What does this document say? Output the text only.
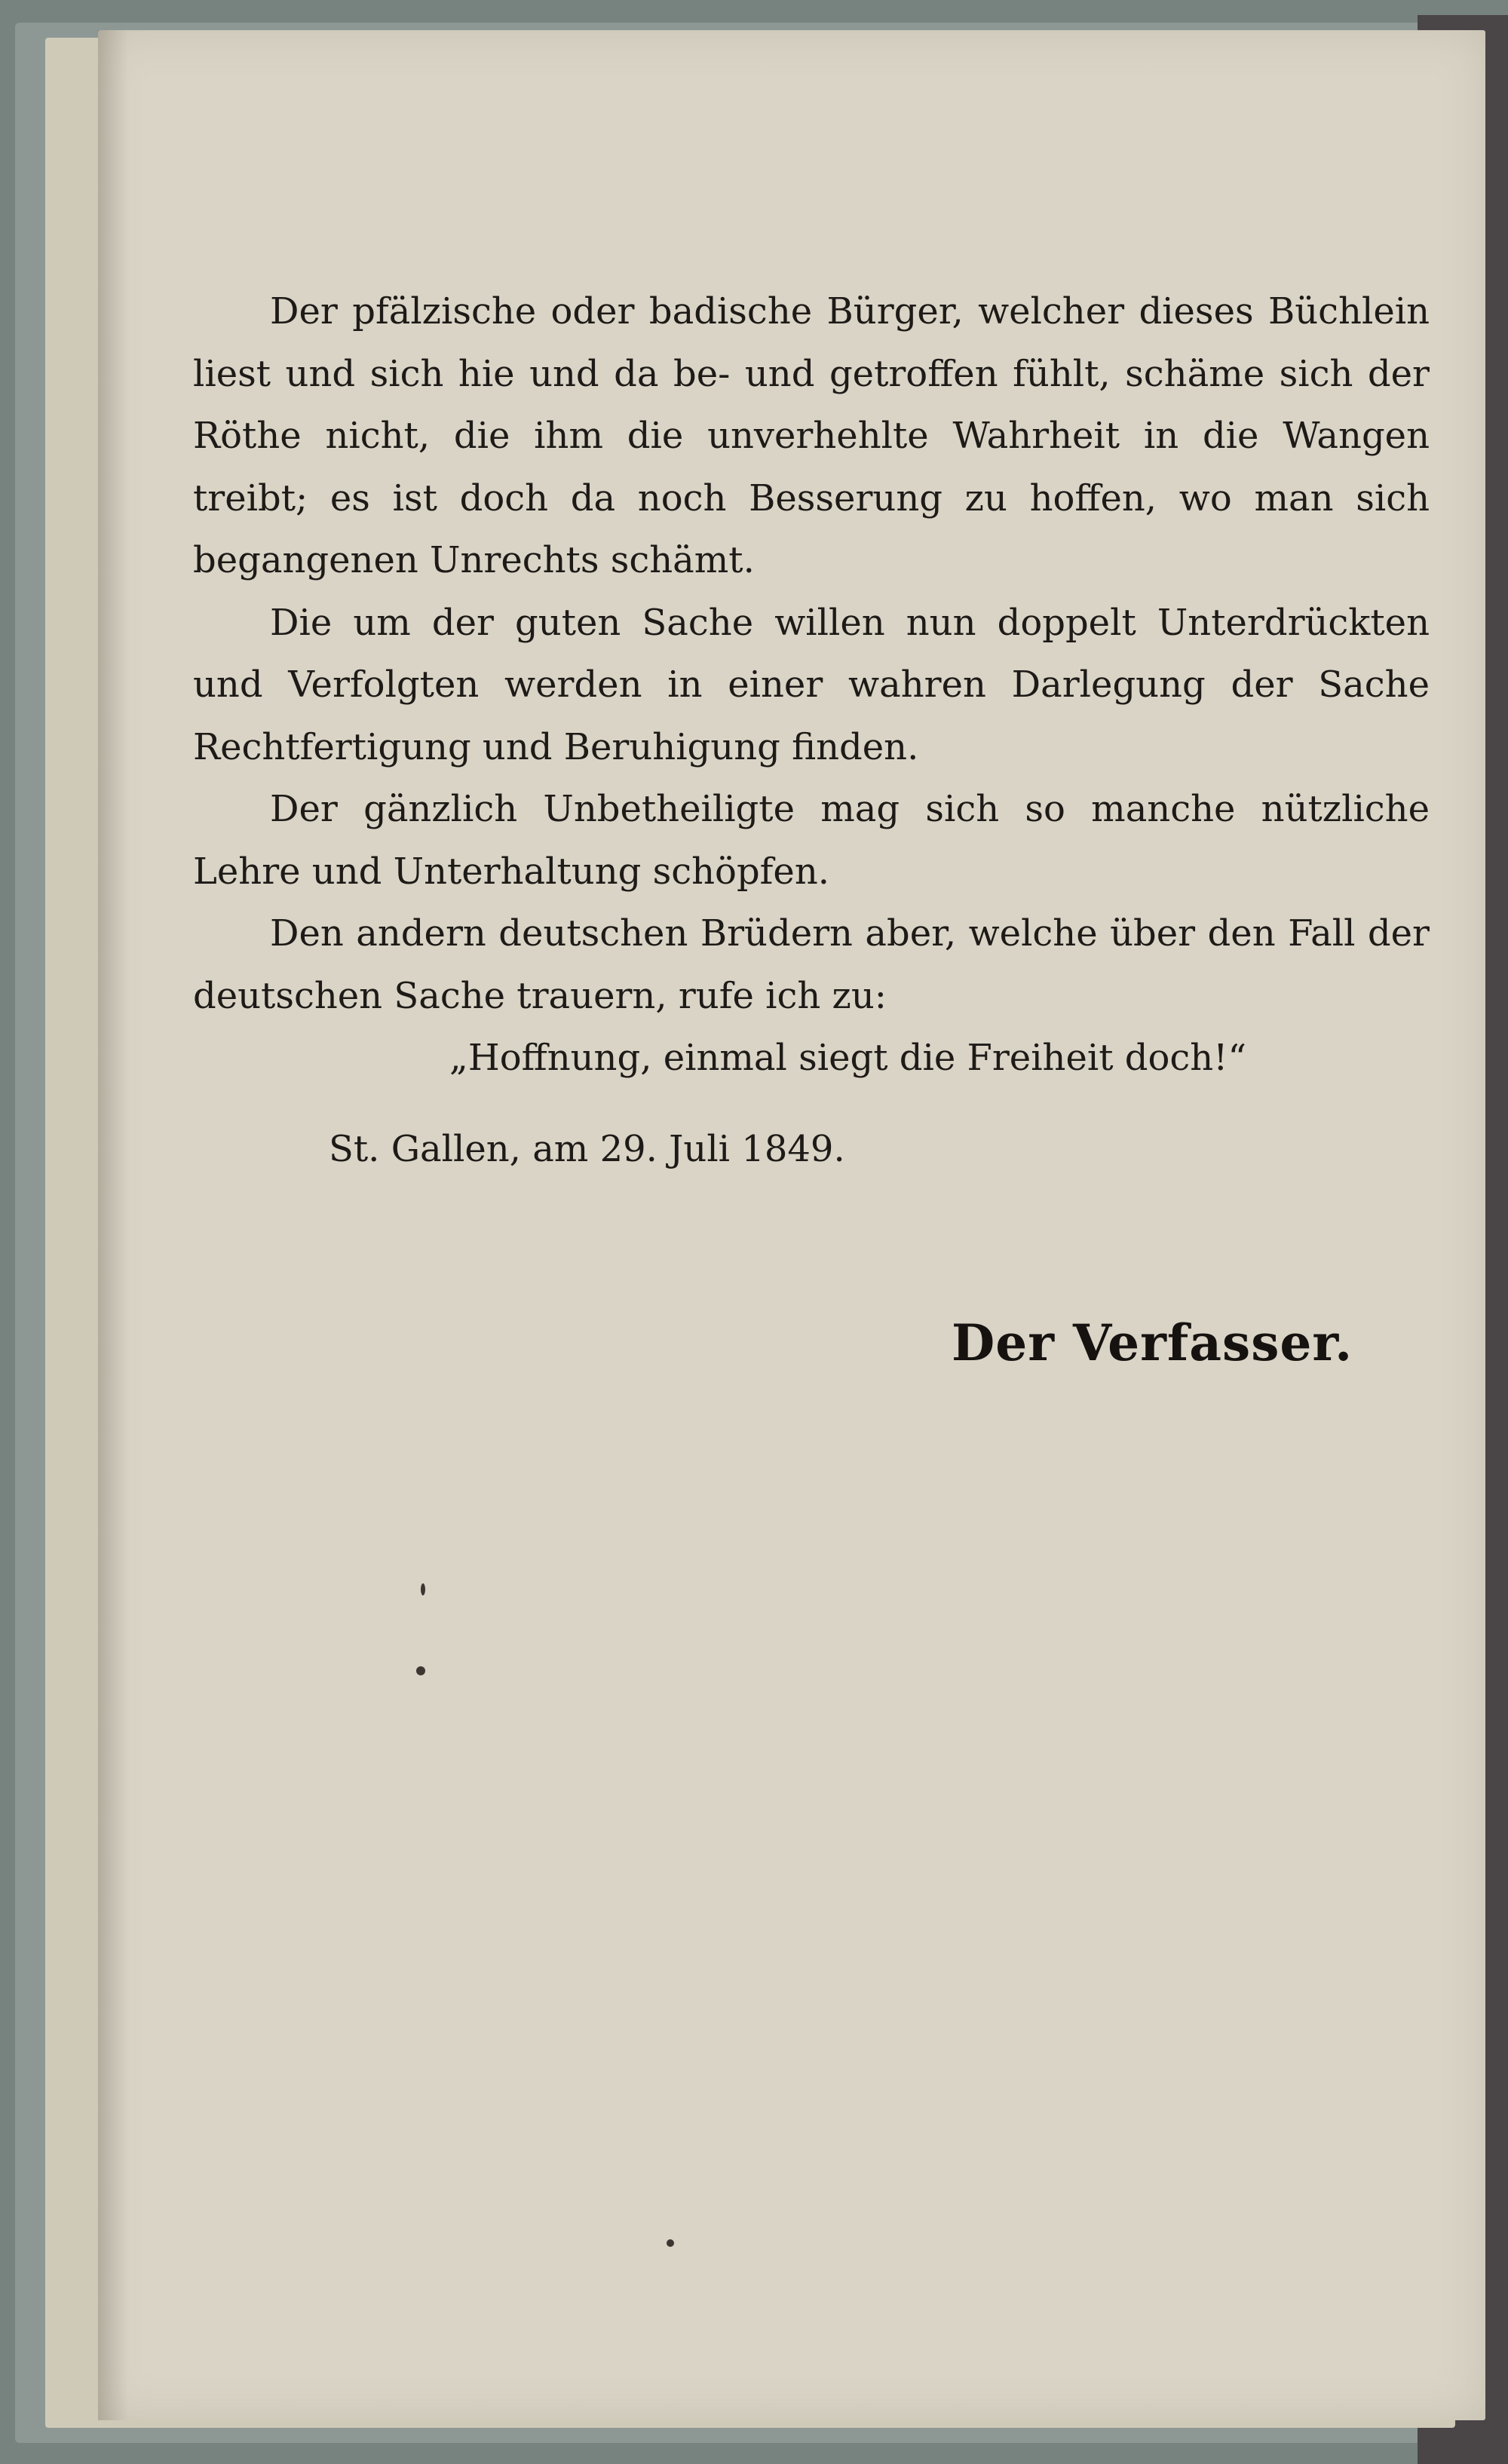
Der pfälzische oder badische Bürger, welcher dieses Büchlein liest und sich hie und da be- und getroffen fühlt, schäme sich der Röthe nicht, die ihm die unverhehlte Wahrheit in die Wangen treibt; es ist doch da noch Besserung zu hoffen, wo man sich begangenen Unrechts schämt.

Die um der guten Sache willen nun doppelt Unterdrückten und Verfolgten werden in einer wahren Darlegung der Sache Rechtfertigung und Beruhigung finden.

Der gänzlich Unbetheiligte mag sich so manche nützliche Lehre und Unterhaltung schöpfen.

Den andern deutschen Brüdern aber, welche über den Fall der deutschen Sache trauern, rufe ich zu:

„Hoffnung, einmal siegt die Freiheit doch!“

St. Gallen, am 29. Juli 1849.

Der Verfasser.
